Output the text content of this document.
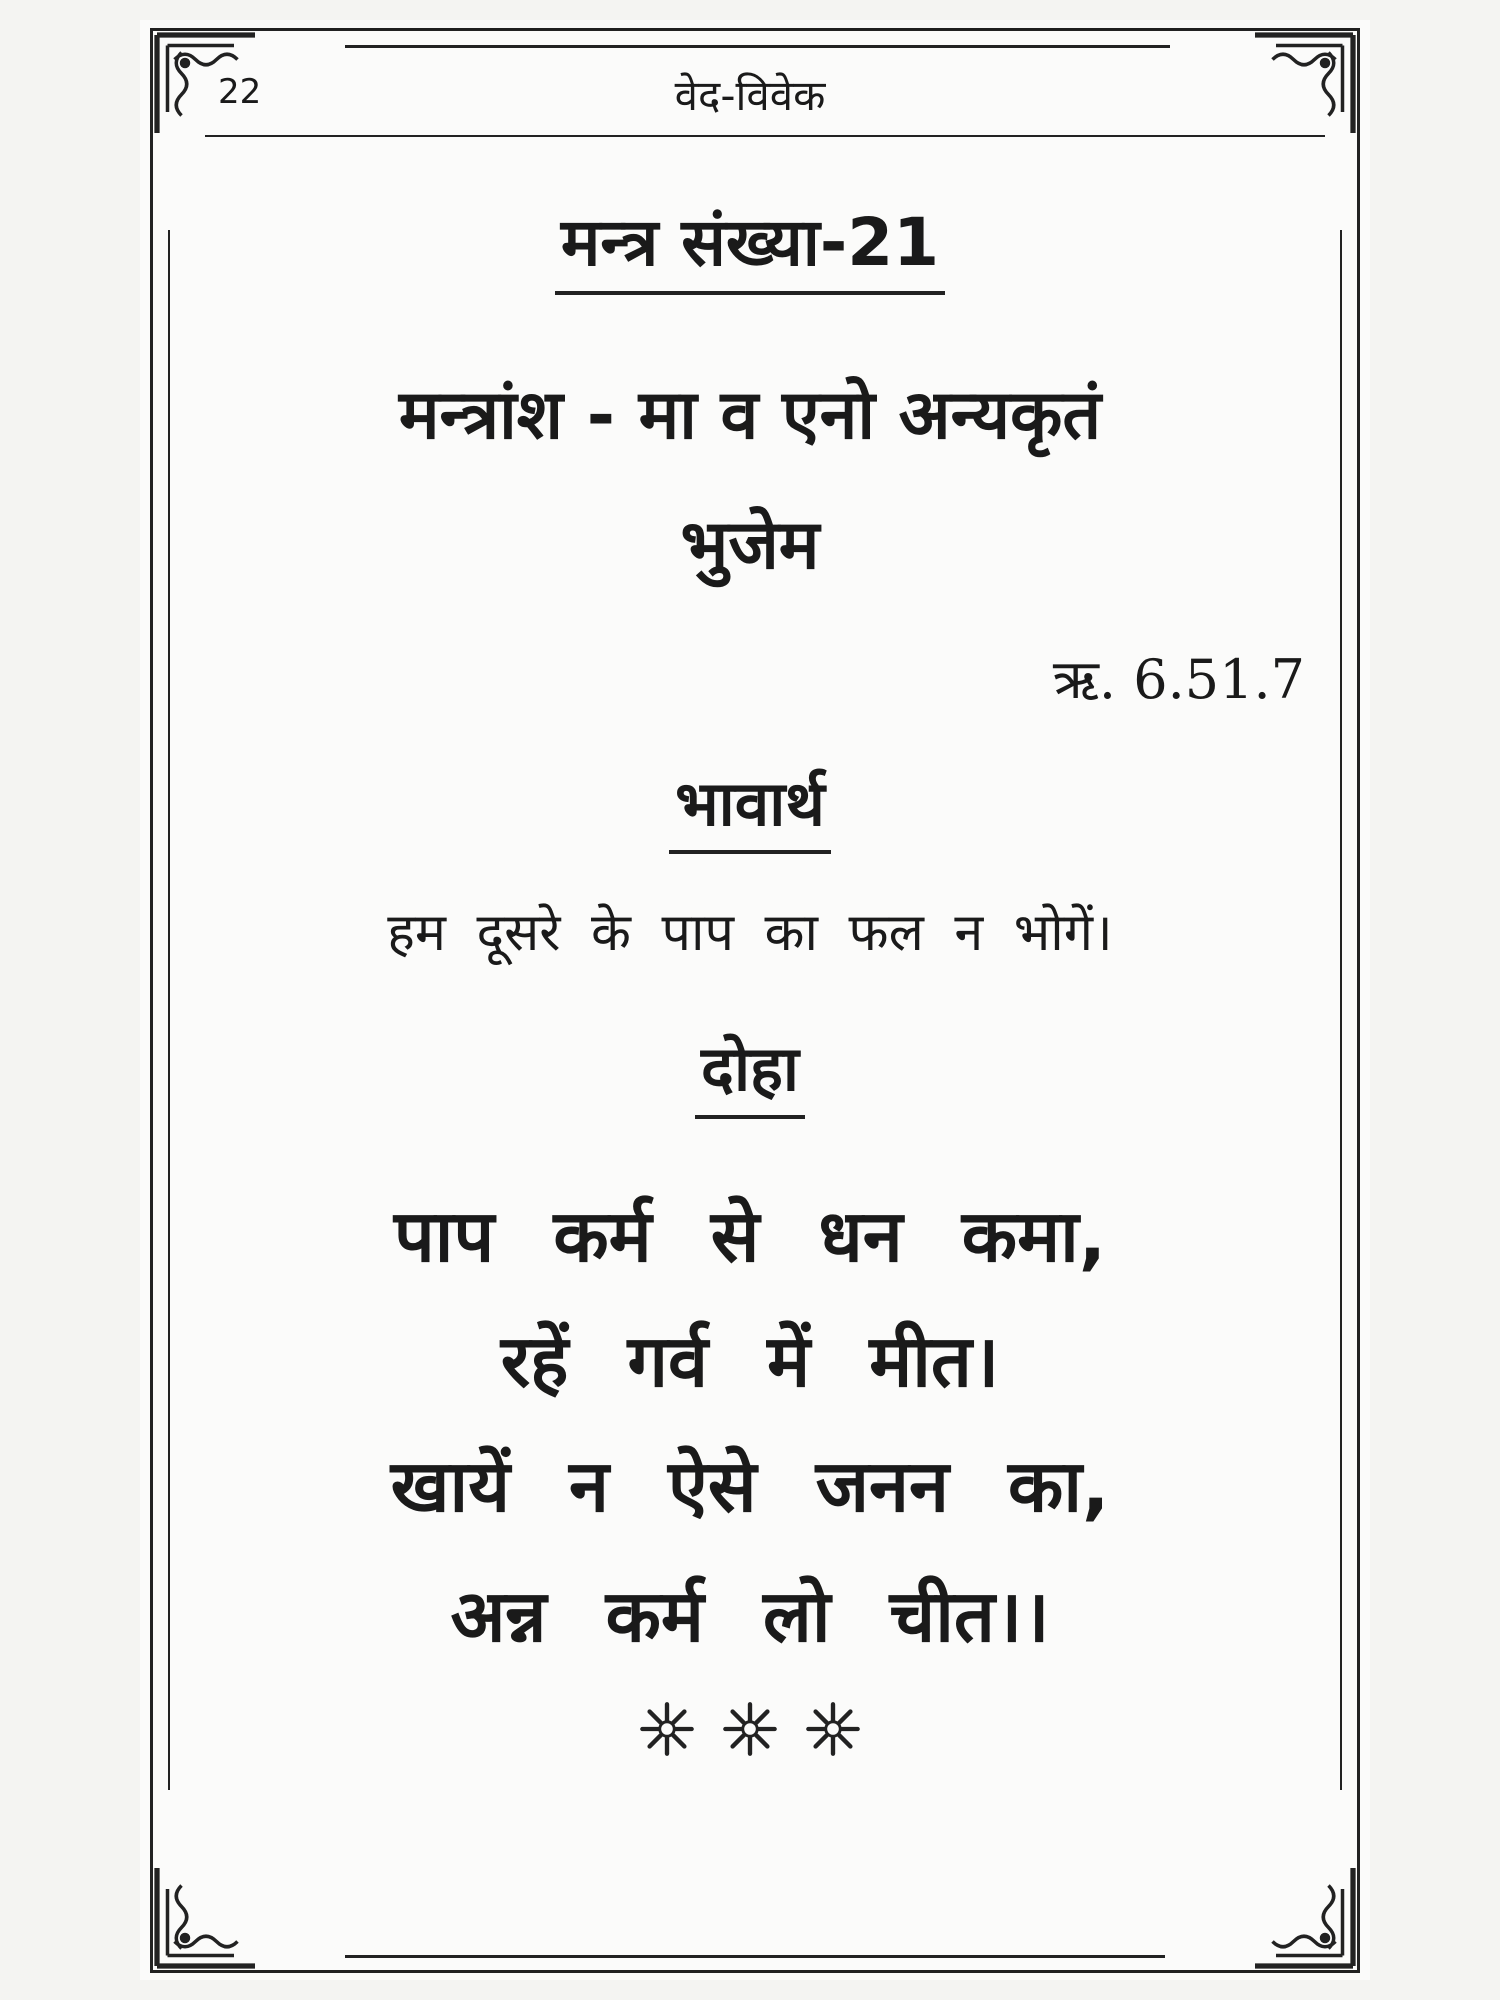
22	वेद-विवेक
मन्त्र संख्या-21
मन्त्रांश - मा व एनो अन्यकृतं
भुजेम
ऋ. 6.51.7
भावार्थ
हम दूसरे के पाप का फल न भोगें।
दोहा
पाप कर्म से धन कमा,
रहें गर्व में मीत।
खायें न ऐसे जनन का,
अन्न कर्म लो चीत।।
